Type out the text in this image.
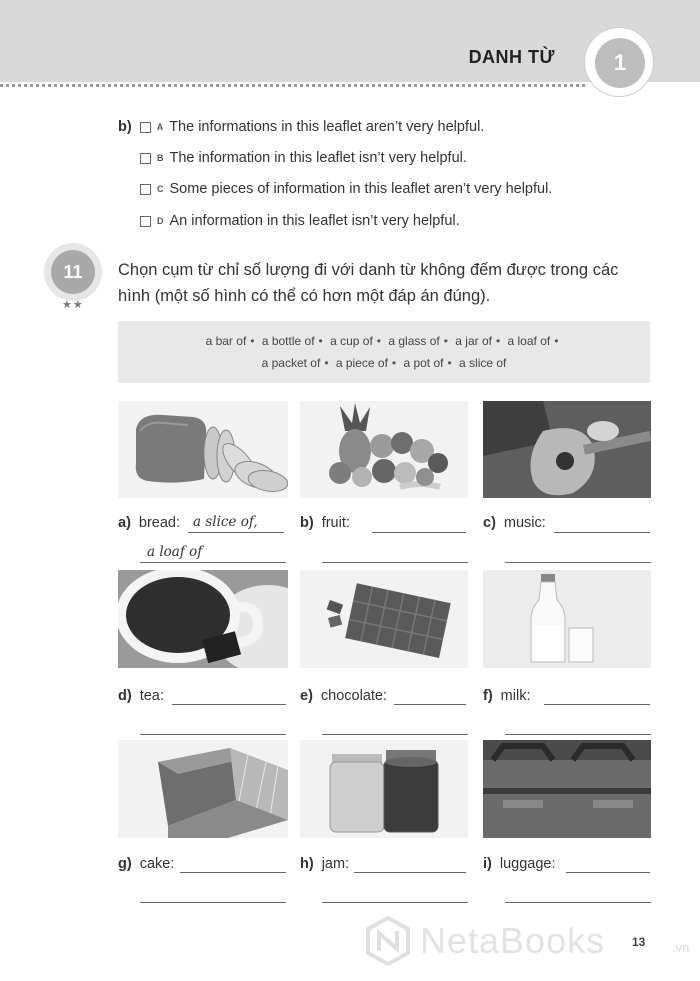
DANH TỪ	1
b)	A The informations in this leaflet aren’t very helpful.
B The information in this leaflet isn’t very helpful.
C Some pieces of information in this leaflet aren’t very helpful.
D An information in this leaflet isn’t very helpful.
11
★★
Chọn cụm từ chỉ số lượng đi với danh từ không đếm được trong các hình (một số hình có thể có hơn một đáp án đúng).
a bar of • a bottle of • a cup of • a glass of • a jar of • a loaf of •
a packet of • a piece of • a pot of • a slice of
a) bread: a slice of,
a loaf of
b) fruit:	c) music:
d) tea:	e) chocolate:	f) milk:
g) cake:	h) jam:	i) luggage:
NetaBooks 13 .vn
